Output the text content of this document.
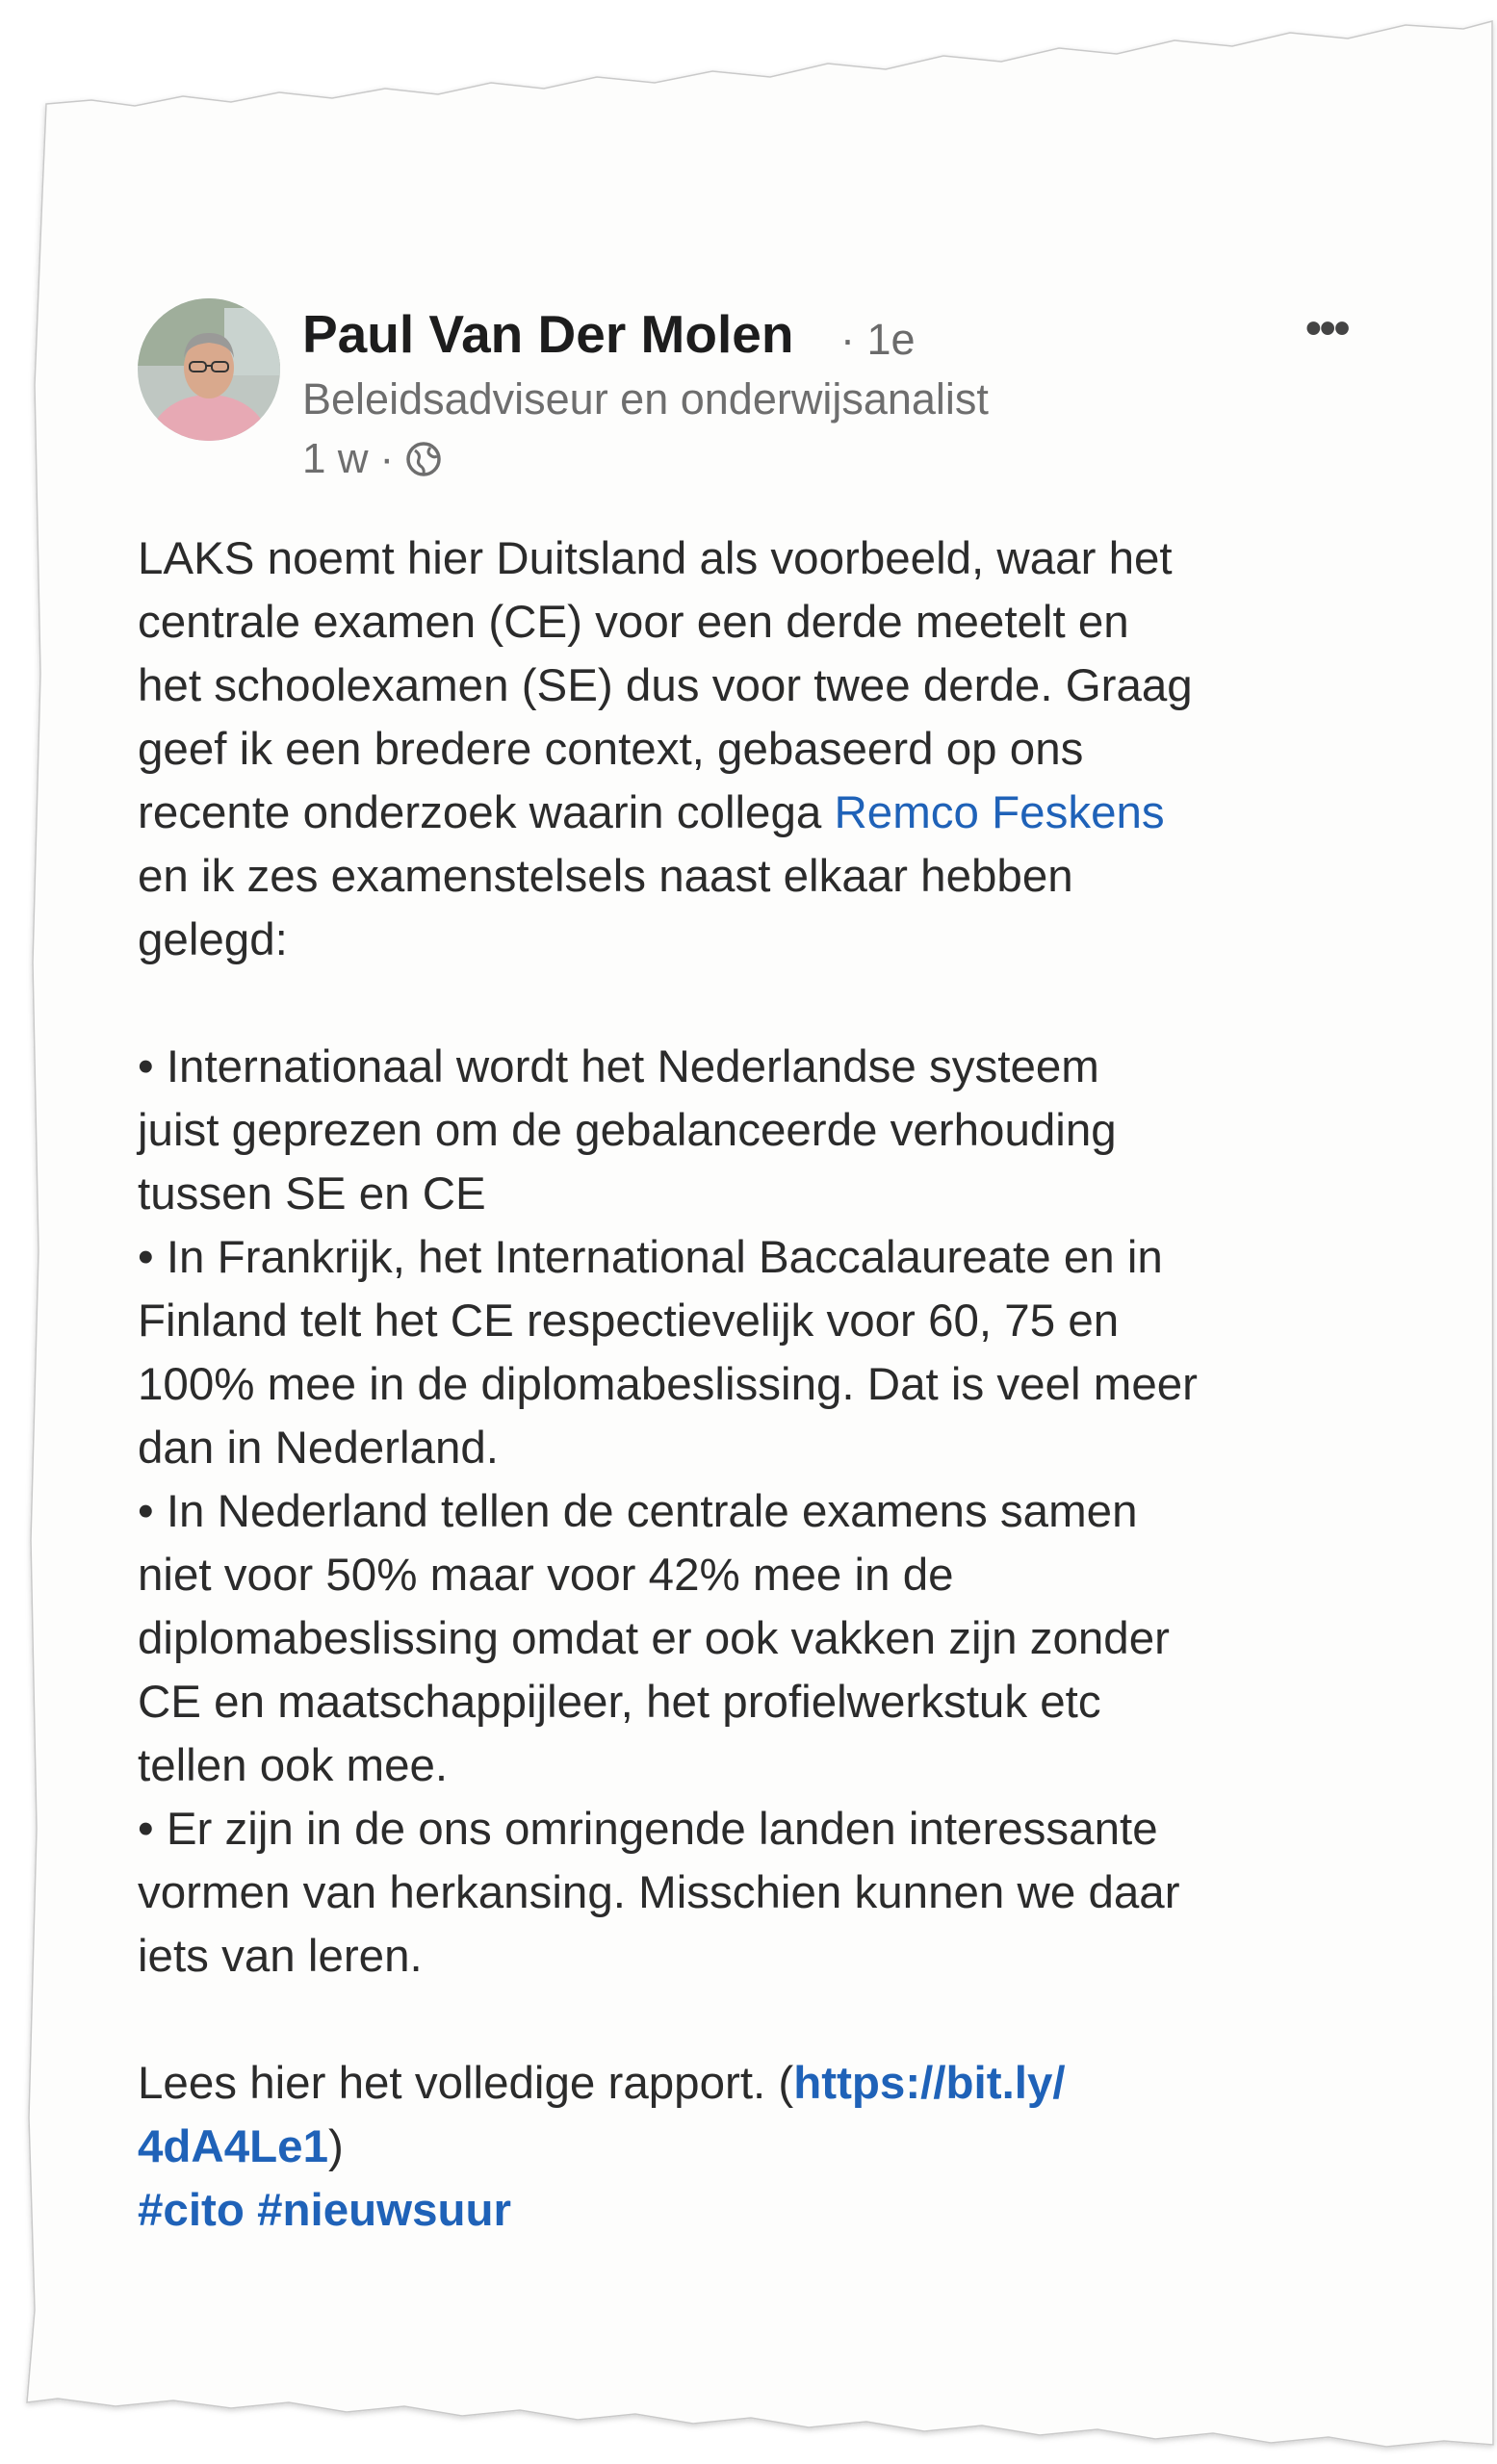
Paul Van Der Molen · 1e	•••
Beleidsadviseur en onderwijsanalist
1 w ·
LAKS noemt hier Duitsland als voorbeeld, waar het
centrale examen (CE) voor een derde meetelt en
het schoolexamen (SE) dus voor twee derde. Graag
geef ik een bredere context, gebaseerd op ons
recente onderzoek waarin collega Remco Feskens
en ik zes examenstelsels naast elkaar hebben
gelegd:
• Internationaal wordt het Nederlandse systeem
juist geprezen om de gebalanceerde verhouding
tussen SE en CE
• In Frankrijk, het International Baccalaureate en in
Finland telt het CE respectievelijk voor 60, 75 en
100% mee in de diplomabeslissing. Dat is veel meer
dan in Nederland.
• In Nederland tellen de centrale examens samen
niet voor 50% maar voor 42% mee in de
diplomabeslissing omdat er ook vakken zijn zonder
CE en maatschappijleer, het profielwerkstuk etc
tellen ook mee.
• Er zijn in de ons omringende landen interessante
vormen van herkansing. Misschien kunnen we daar
iets van leren.
Lees hier het volledige rapport. (https://bit.ly/
4dA4Le1)
#cito #nieuwsuur
